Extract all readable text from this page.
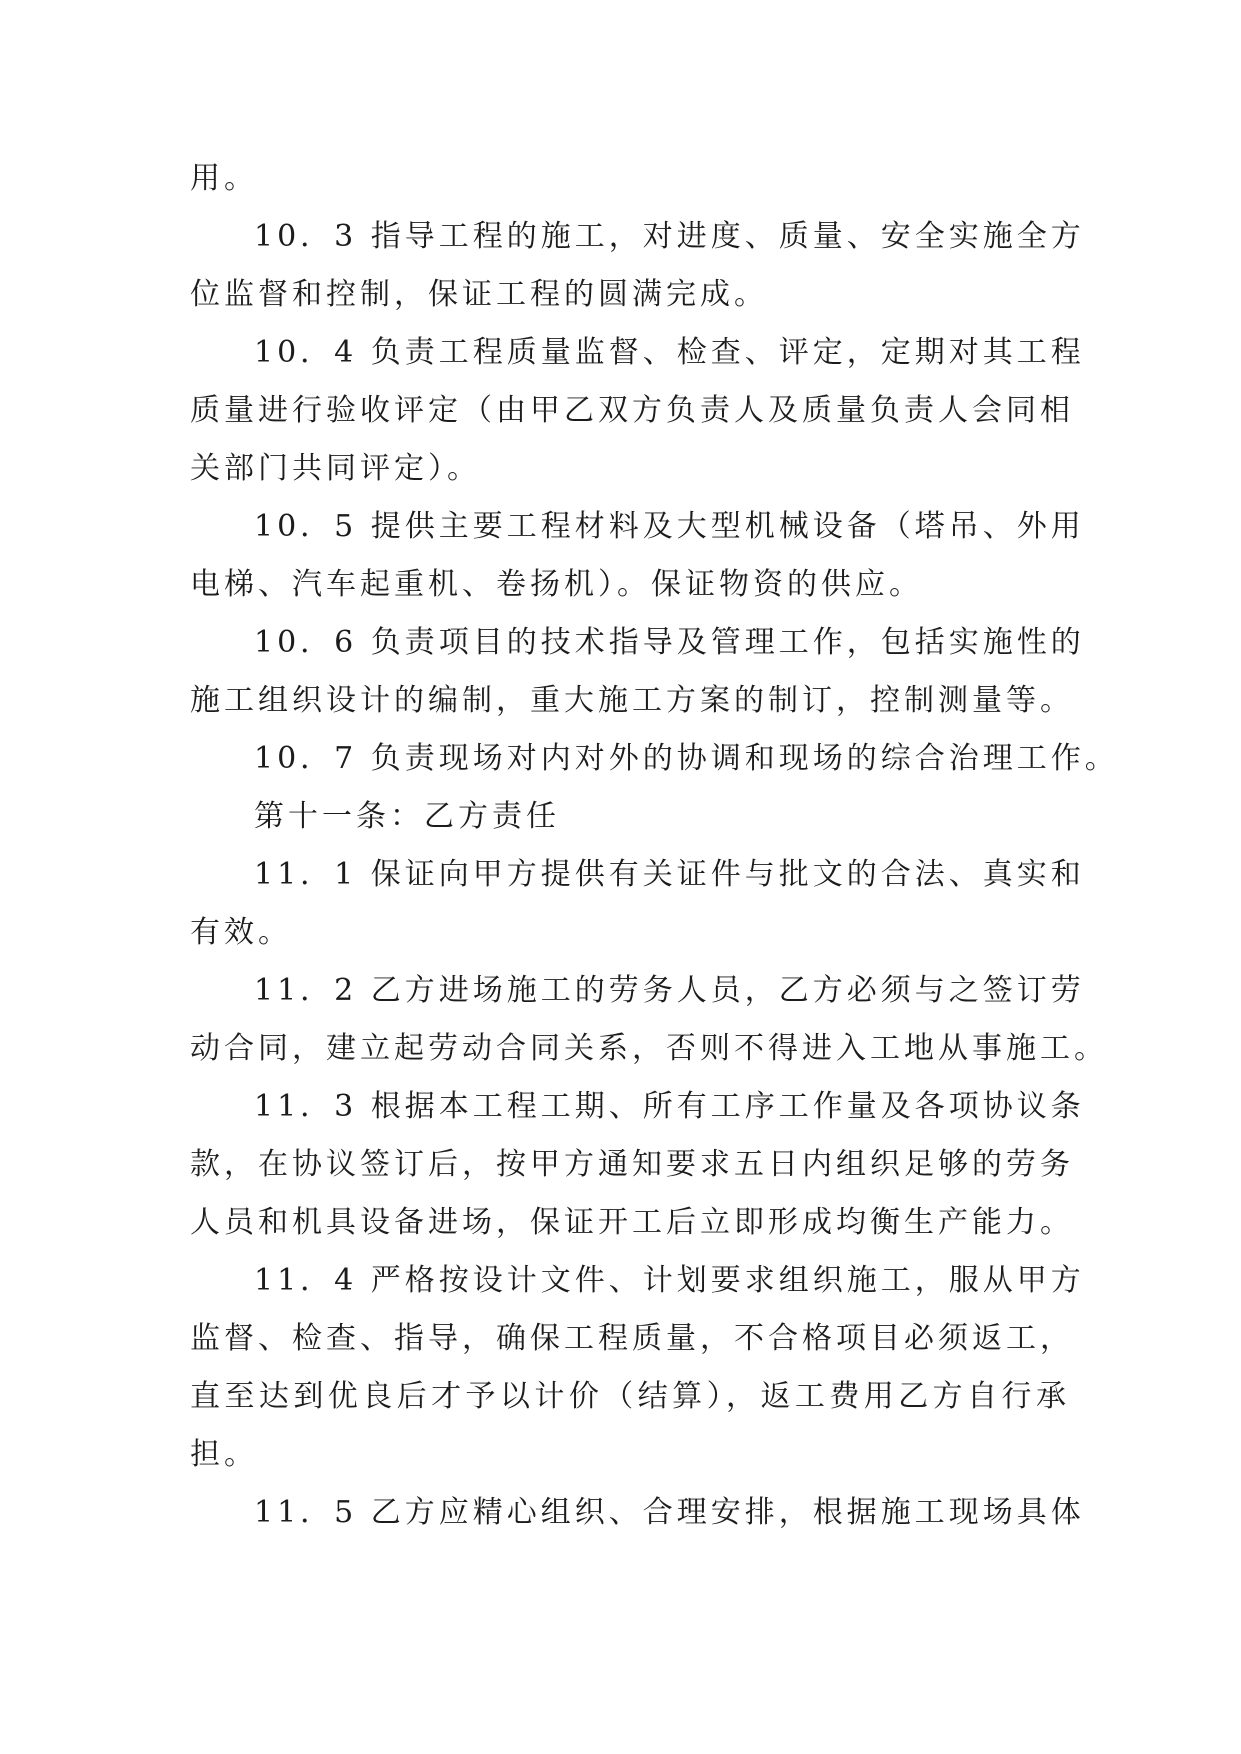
用。
10．3 指导工程的施工，对进度、质量、安全实施全方
位监督和控制，保证工程的圆满完成。
10．4 负责工程质量监督、检查、评定，定期对其工程
质量进行验收评定（由甲乙双方负责人及质量负责人会同相
关部门共同评定）。
10．5 提供主要工程材料及大型机械设备（塔吊、外用
电梯、汽车起重机、卷扬机）。保证物资的供应。
10．6 负责项目的技术指导及管理工作，包括实施性的
施工组织设计的编制，重大施工方案的制订，控制测量等。
10．7 负责现场对内对外的协调和现场的综合治理工作。
第十一条：乙方责任
11．1 保证向甲方提供有关证件与批文的合法、真实和
有效。
11．2 乙方进场施工的劳务人员，乙方必须与之签订劳
动合同，建立起劳动合同关系，否则不得进入工地从事施工。
11．3 根据本工程工期、所有工序工作量及各项协议条
款，在协议签订后，按甲方通知要求五日内组织足够的劳务
人员和机具设备进场，保证开工后立即形成均衡生产能力。
11．4 严格按设计文件、计划要求组织施工，服从甲方
监督、检查、指导，确保工程质量，不合格项目必须返工，
直至达到优良后才予以计价（结算），返工费用乙方自行承
担。
11．5 乙方应精心组织、合理安排，根据施工现场具体
